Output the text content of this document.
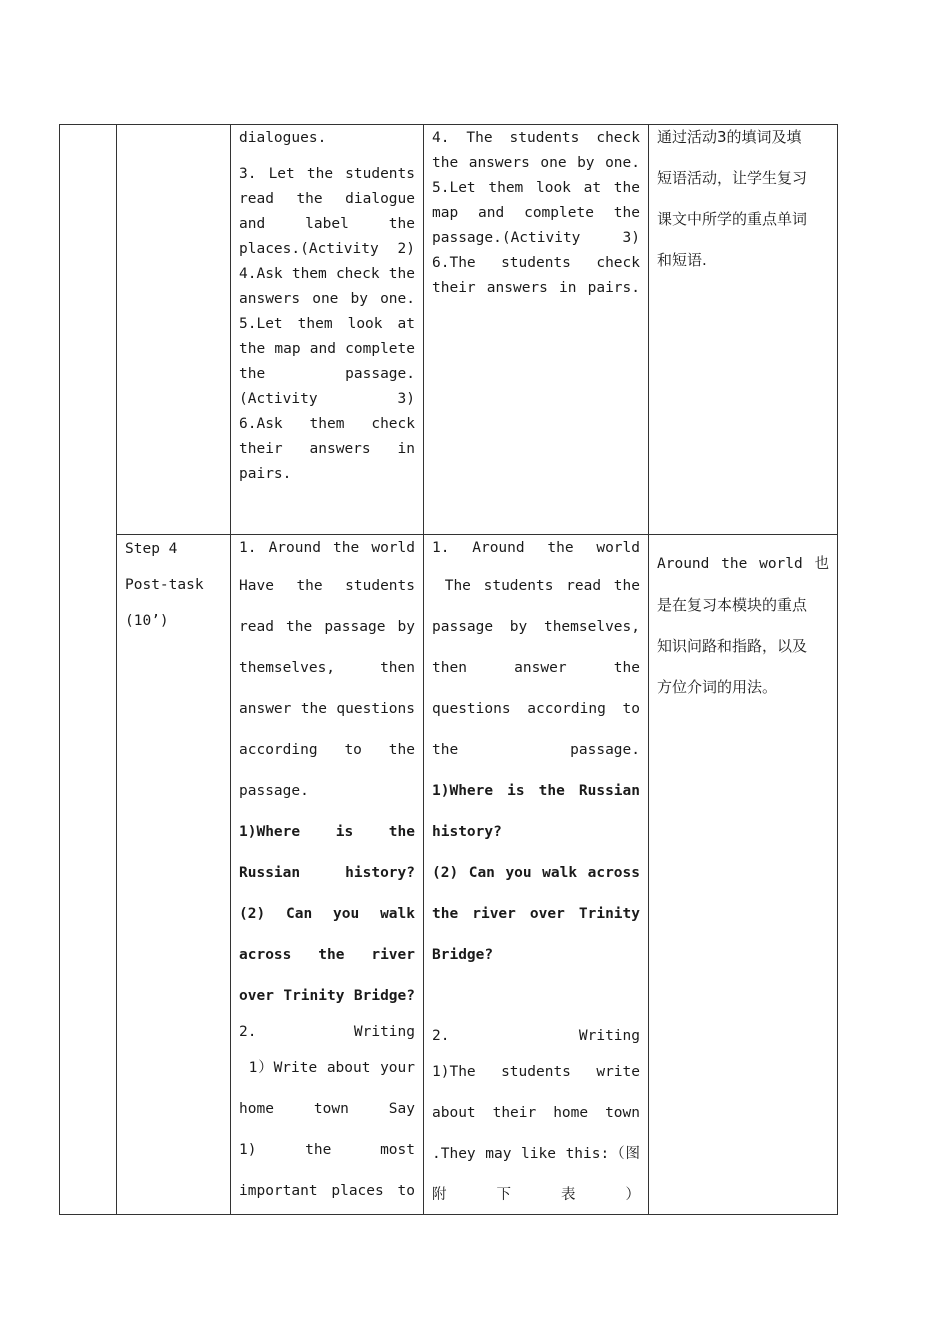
dialogues.

3. Let the students

read the dialogue

and label the

places.(Activity 2)

4.Ask them check the

answers one by one.

5.Let them look at

the map and complete

the passage.

(Activity 3)

6.Ask them check

their answers in

pairs.

4. The students check

the answers one by one.

5.Let them look at the

map and complete the

passage.(Activity 3)

6.The students check

their answers in pairs.

通过活动3的填词及填

短语活动，让学生复习

课文中所学的重点单词

和短语.

Step 4

Post-task

(10’)

1. Around the world

Have the students

read the passage by

themselves, then

answer the questions

according to the

passage.

1)Where is the

Russian history?

(2) Can you walk

across the river

over Trinity Bridge?

2. Writing

1）Write about your

home town Say

1) the most

important places to

1. Around the world

The students read the

passage by themselves,

then answer the

questions according to

the passage.

1)Where is the Russian

history?

(2) Can you walk across

the river over Trinity

Bridge?

2. Writing

1)The students write

about their home town

.They may like this:（图

附下表）

Around the world 也

是在复习本模块的重点

知识问路和指路，以及

方位介词的用法。
